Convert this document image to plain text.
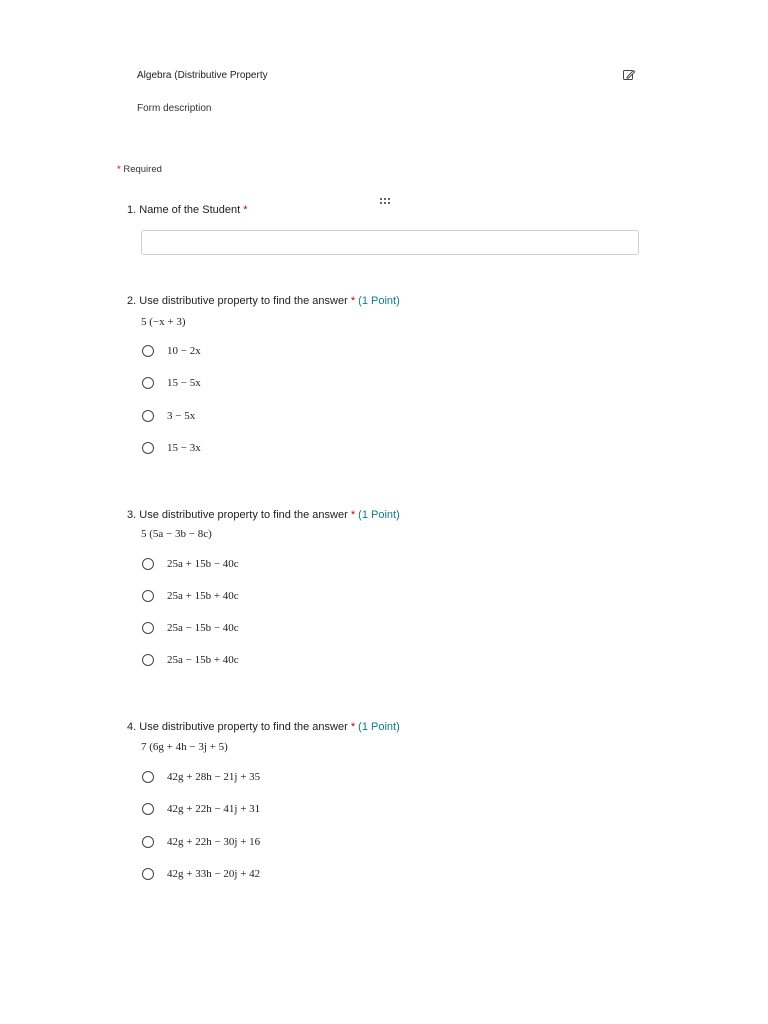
Algebra (Distributive Property
Form description
* Required
1. Name of the Student *
2. Use distributive property to find the answer * (1 Point)
5 (−x + 3)
10 − 2x
15 − 5x
3 − 5x
15 − 3x
3. Use distributive property to find the answer * (1 Point)
5 (5a − 3b − 8c)
25a + 15b − 40c
25a + 15b + 40c
25a − 15b − 40c
25a − 15b + 40c
4. Use distributive property to find the answer * (1 Point)
7 (6g + 4h − 3j + 5)
42g + 28h − 21j + 35
42g + 22h − 41j + 31
42g + 22h − 30j + 16
42g + 33h − 20j + 42
